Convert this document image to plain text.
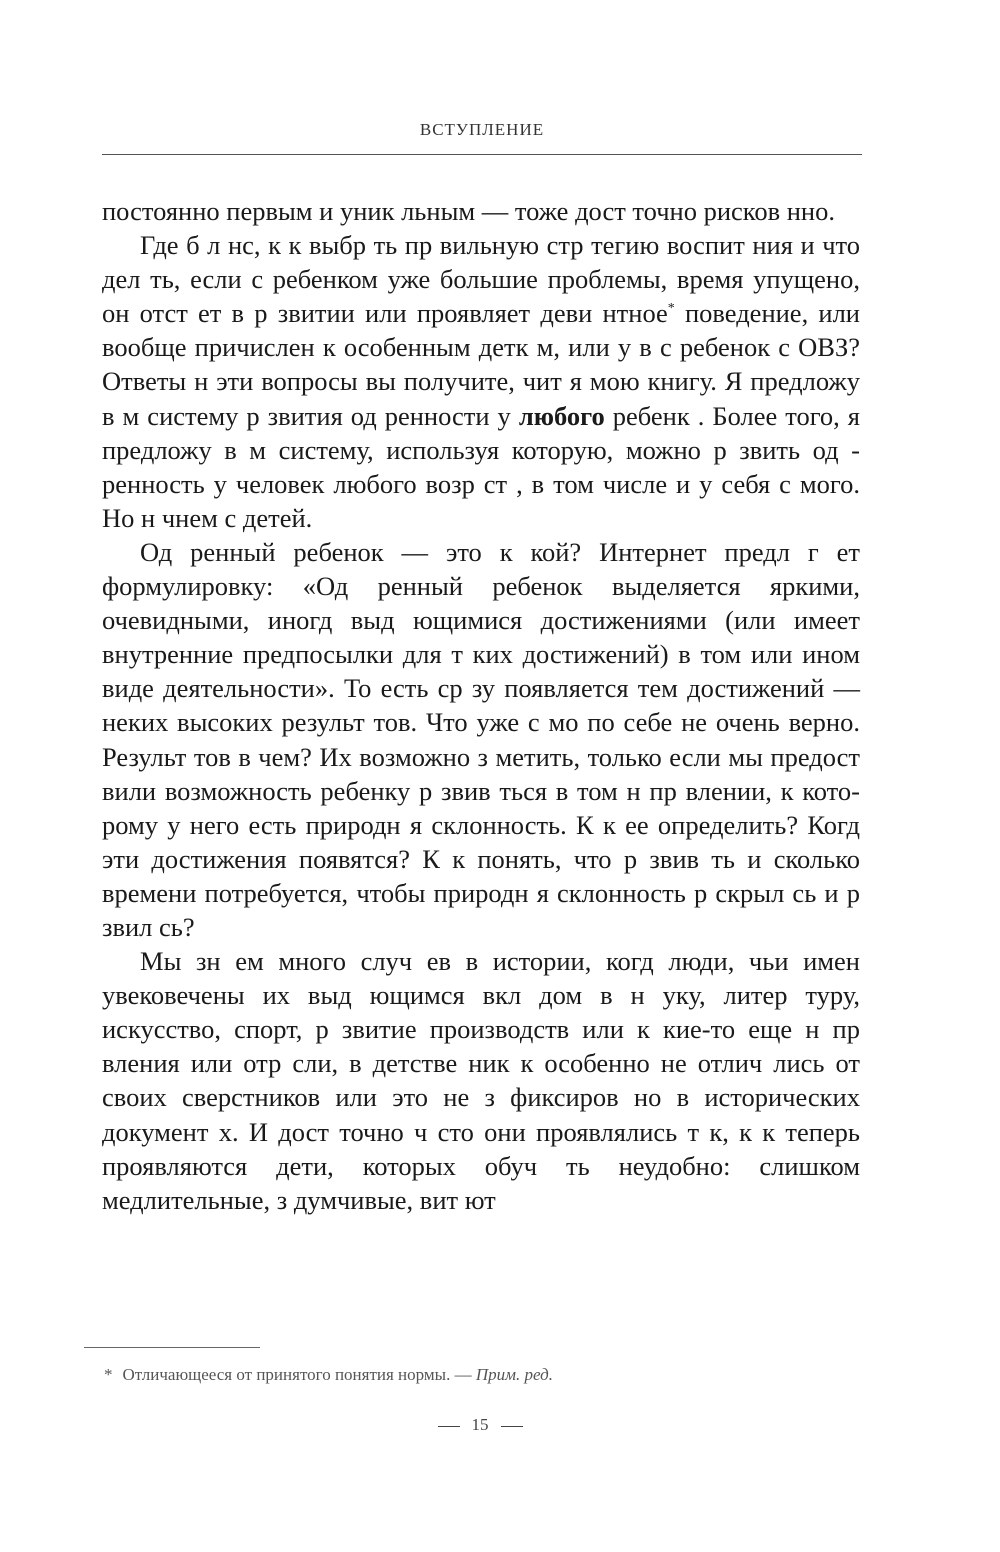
ВСТУПЛЕНИЕ

постоянно первым и уник льным — тоже дост точно рисков нно.

Где б л нс, к к выбр ть пр вильную стр тегию воспит ния и что дел ть, если с ребенком уже большие проблемы, время упущено, он отст ет в р звитии или проявляет деви нтное* поведение, или вообще причислен к особенным детк м, или у в с ребенок с ОВЗ? Ответы н эти вопросы вы получите, чит я мою книгу. Я предложу в м систему р звития од ренности у любого ребенк . Более того, я предложу в м систему, используя которую, можно р звить од ренность у человек любого возр ст , в том числе и у себя с мого. Но н чнем с детей.

Од ренный ребенок — это к кой? Интернет предл г ет формулировку: «Од ренный ребенок выделяется яркими, очевидными, иногд выд ющимися достижениями (или имеет внутренние предпосылки для т ких достижений) в том или ином виде деятельности». То есть ср зу появляется тем достижений — неких высоких результ тов. Что уже с мо по себе не очень верно. Результ тов в чем? Их возможно з метить, только если мы предост вили возможность ребенку р звив ться в том н пр влении, к которому у него есть природн я склонность. К к ее определить? Когд эти достижения появятся? К к понять, что р звив ть и сколько времени потребуется, чтобы природн я склонность р скрыл сь и р звил сь?

Мы зн ем много случ ев в истории, когд люди, чьи имен увековечены их выд ющимся вкл дом в н уку, литер туру, искусство, спорт, р звитие производств или к кие-то еще н пр вления или отр сли, в детстве ник к особенно не отлич лись от своих сверстников или это не з фиксиров но в исторических документ х. И дост точно ч сто они проявлялись т к, к к теперь проявляются дети, которых обуч ть неудобно: слишком медлительные, з думчивые, вит ют

* Отличающееся от принятого понятия нормы. — Прим. ред.
15
